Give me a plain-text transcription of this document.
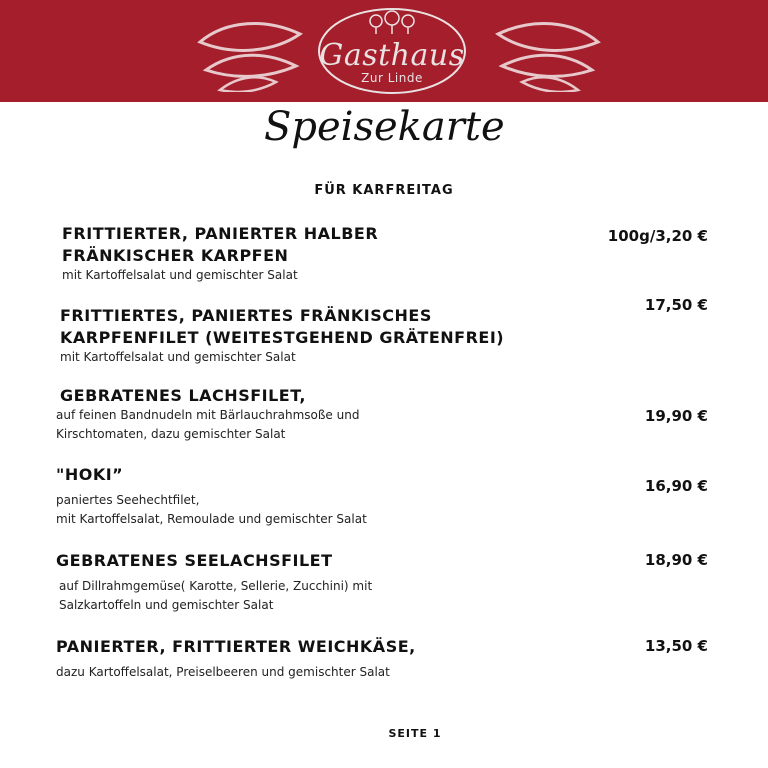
Gasthaus
Zur Linde
Speisekarte
FÜR KARFREITAG
FRITTIERTER, PANIERTER HALBER
FRÄNKISCHER KARPFEN
mit Kartoffelsalat und gemischter Salat
100g/3,20 €
FRITTIERTES, PANIERTES FRÄNKISCHES
KARPFENFILET (WEITESTGEHEND GRÄTENFREI)
mit Kartoffelsalat und gemischter Salat
17,50 €
GEBRATENES LACHSFILET,
auf feinen Bandnudeln mit Bärlauchrahmsoße und
Kirschtomaten, dazu gemischter Salat
19,90 €
"HOKI”
paniertes Seehechtfilet,
mit Kartoffelsalat, Remoulade und gemischter Salat
16,90 €
GEBRATENES SEELACHSFILET
auf Dillrahmgemüse( Karotte, Sellerie, Zucchini) mit
Salzkartoffeln und gemischter Salat
18,90 €
PANIERTER, FRITTIERTER WEICHKÄSE,
dazu Kartoffelsalat, Preiselbeeren und gemischter Salat
13,50 €
SEITE 1
